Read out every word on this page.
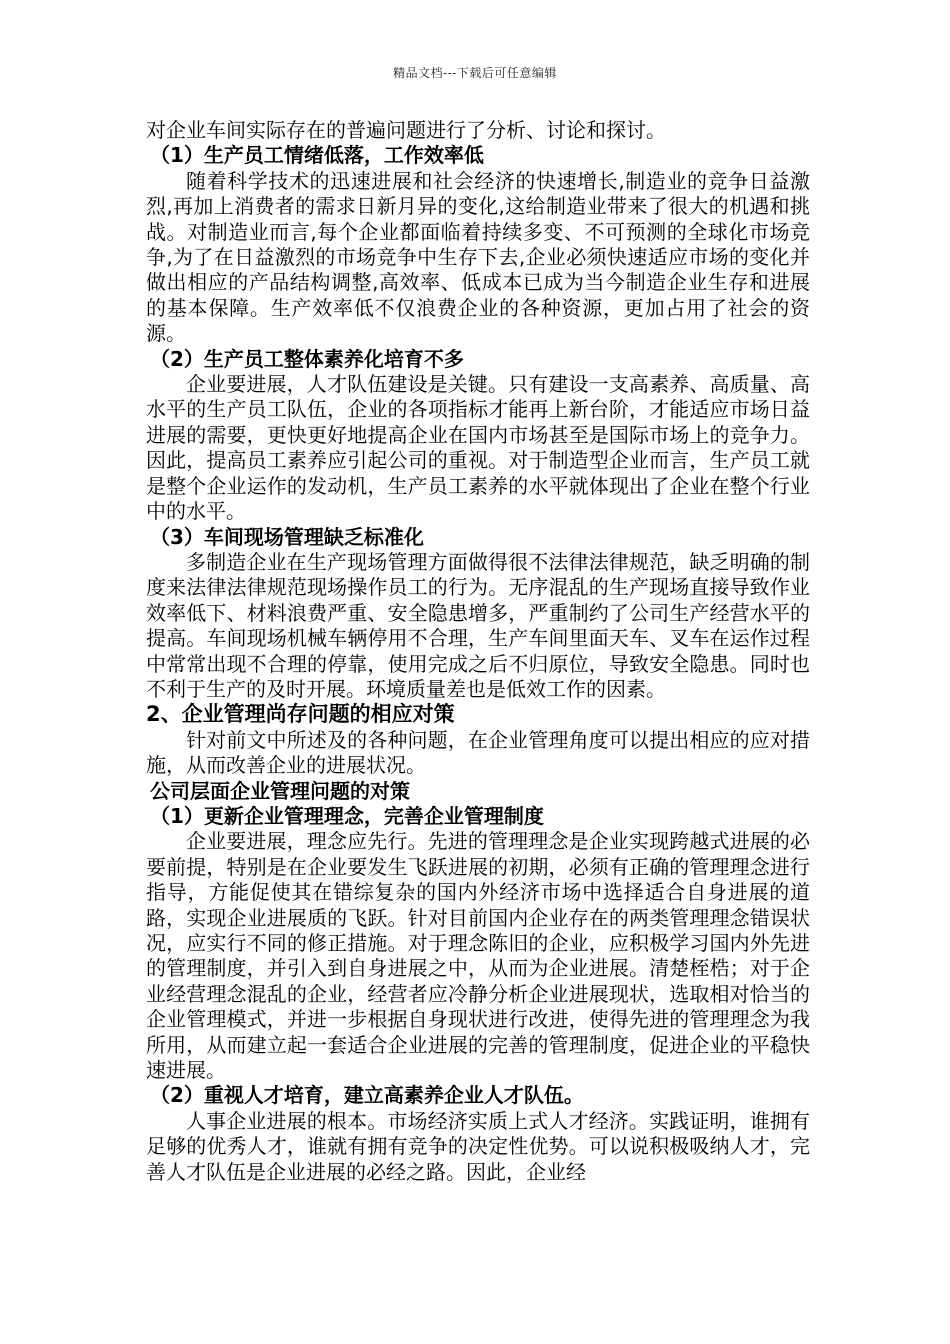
精品文档---下载后可任意编辑

对企业车间实际存在的普遍问题进行了分析、讨论和探讨。

（1）生产员工情绪低落，工作效率低

随着科学技术的迅速进展和社会经济的快速增长,制造业的竞争日益激烈,再加上消费者的需求日新月异的变化,这给制造业带来了很大的机遇和挑战。对制造业而言,每个企业都面临着持续多变、不可预测的全球化市场竞争,为了在日益激烈的市场竞争中生存下去,企业必须快速适应市场的变化并做出相应的产品结构调整,高效率、低成本已成为当今制造企业生存和进展的基本保障。生产效率低不仅浪费企业的各种资源，更加占用了社会的资源。

（2）生产员工整体素养化培育不多

企业要进展，人才队伍建设是关键。只有建设一支高素养、高质量、高水平的生产员工队伍，企业的各项指标才能再上新台阶，才能适应市场日益进展的需要，更快更好地提高企业在国内市场甚至是国际市场上的竞争力。因此，提高员工素养应引起公司的重视。对于制造型企业而言，生产员工就是整个企业运作的发动机，生产员工素养的水平就体现出了企业在整个行业中的水平。

（3）车间现场管理缺乏标准化

多制造企业在生产现场管理方面做得很不法律法律规范，缺乏明确的制度来法律法律规范现场操作员工的行为。无序混乱的生产现场直接导致作业效率低下、材料浪费严重、安全隐患增多，严重制约了公司生产经营水平的提高。车间现场机械车辆停用不合理，生产车间里面天车、叉车在运作过程中常常出现不合理的停靠，使用完成之后不归原位，导致安全隐患。同时也不利于生产的及时开展。环境质量差也是低效工作的因素。

2、企业管理尚存问题的相应对策

针对前文中所述及的各种问题，在企业管理角度可以提出相应的应对措施，从而改善企业的进展状况。

公司层面企业管理问题的对策

（1）更新企业管理理念，完善企业管理制度

企业要进展，理念应先行。先进的管理理念是企业实现跨越式进展的必要前提，特别是在企业要发生飞跃进展的初期，必须有正确的管理理念进行指导，方能促使其在错综复杂的国内外经济市场中选择适合自身进展的道路，实现企业进展质的飞跃。针对目前国内企业存在的两类管理理念错误状况，应实行不同的修正措施。对于理念陈旧的企业，应积极学习国内外先进的管理制度，并引入到自身进展之中，从而为企业进展。清楚桎梏；对于企业经营理念混乱的企业，经营者应冷静分析企业进展现状，选取相对恰当的企业管理模式，并进一步根据自身现状进行改进，使得先进的管理理念为我所用，从而建立起一套适合企业进展的完善的管理制度，促进企业的平稳快速进展。

（2）重视人才培育，建立高素养企业人才队伍。

人事企业进展的根本。市场经济实质上式人才经济。实践证明，谁拥有足够的优秀人才，谁就有拥有竞争的决定性优势。可以说积极吸纳人才，完善人才队伍是企业进展的必经之路。因此，企业经
